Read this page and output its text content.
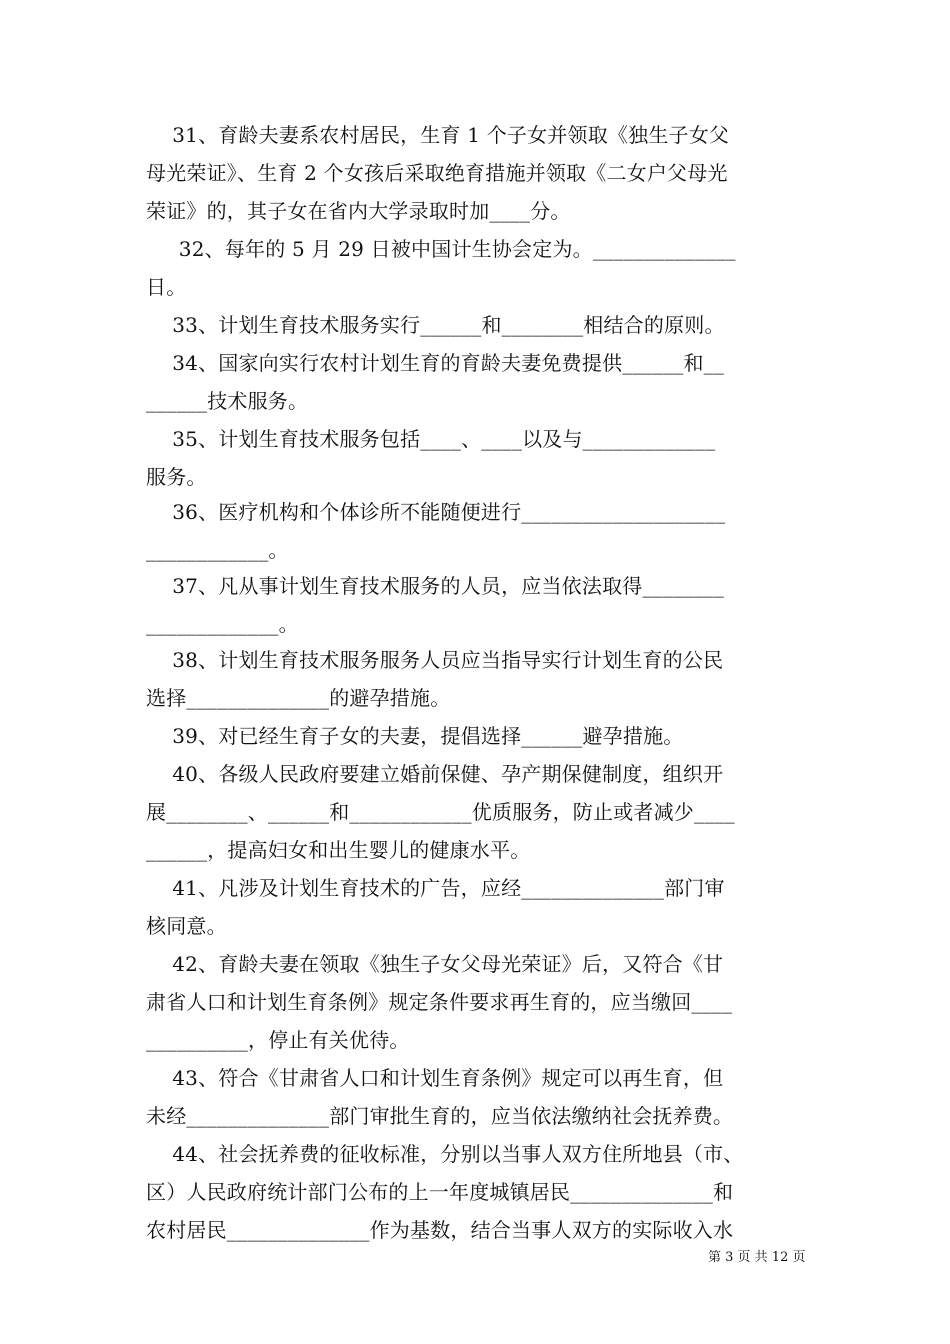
31、育龄夫妻系农村居民，生育 1 个子女并领取《独生子女父
母光荣证》、生育 2 个女孩后采取绝育措施并领取《二女户父母光
荣证》的，其子女在省内大学录取时加____分。
32、每年的 5 月 29 日被中国计生协会定为。______________
日。
33、计划生育技术服务实行______和________相结合的原则。
34、国家向实行农村计划生育的育龄夫妻免费提供______和__
______技术服务。
35、计划生育技术服务包括____、____以及与_____________
服务。
36、医疗机构和个体诊所不能随便进行____________________
____________。
37、凡从事计划生育技术服务的人员，应当依法取得________
_____________。
38、计划生育技术服务服务人员应当指导实行计划生育的公民
选择______________的避孕措施。
39、对已经生育子女的夫妻，提倡选择______避孕措施。
40、各级人民政府要建立婚前保健、孕产期保健制度，组织开
展________、______和____________优质服务，防止或者减少____
______，提高妇女和出生婴儿的健康水平。
41、凡涉及计划生育技术的广告，应经______________部门审
核同意。
42、育龄夫妻在领取《独生子女父母光荣证》后，又符合《甘
肃省人口和计划生育条例》规定条件要求再生育的，应当缴回____
__________，停止有关优待。
43、符合《甘肃省人口和计划生育条例》规定可以再生育，但
未经______________部门审批生育的，应当依法缴纳社会抚养费。
44、社会抚养费的征收标准，分别以当事人双方住所地县（市、
区）人民政府统计部门公布的上一年度城镇居民______________和
农村居民______________作为基数，结合当事人双方的实际收入水
第 3 页 共 12 页
